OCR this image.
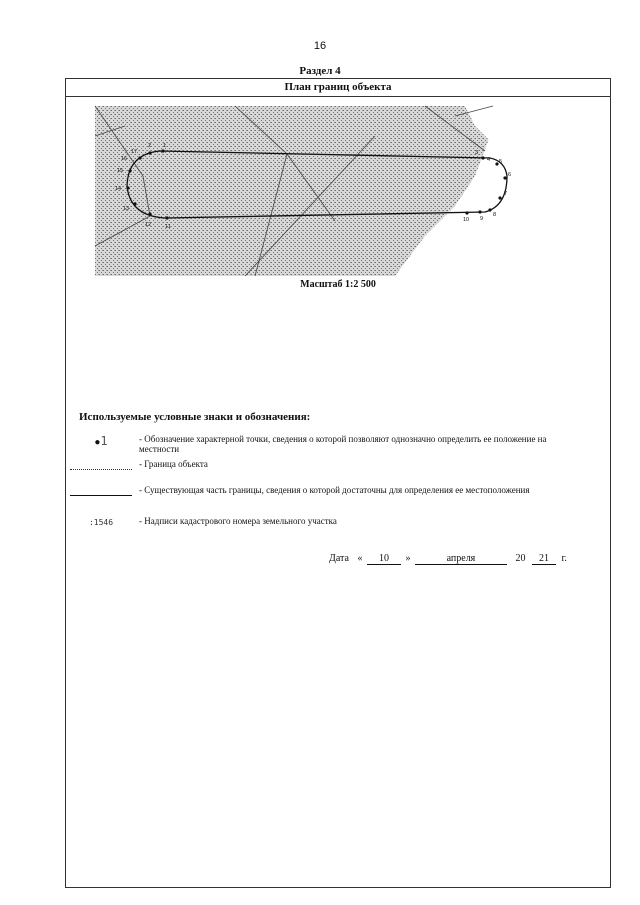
16
Раздел 4
План границ объекта
1
2
3
4 5
6
7
8
9
10
11
12
13
14
15
16
17
Масштаб 1:2 500
Используемые условные знаки и обозначения:
●1	- Обозначение характерной точки, сведения о которой позволяют однозначно определить ее положение на местности
- Граница объекта
- Существующая часть границы, сведения о которой достаточны для определения ее местоположения
:1546	- Надписи кадастрового номера земельного участка
Дата « 10 »	апреля	20 21 г.
